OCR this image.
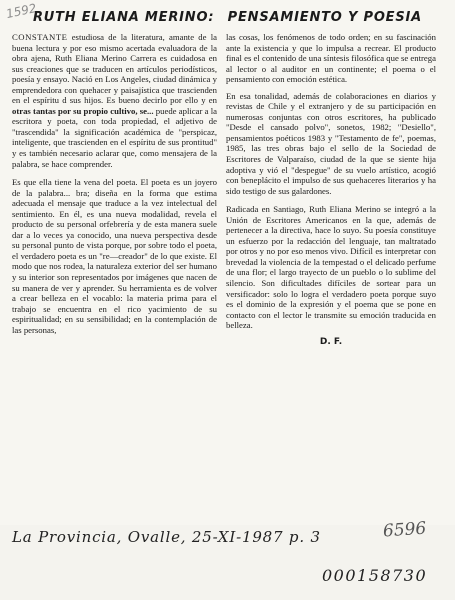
1592
RUTH ELIANA MERINO: PENSAMIENTO Y POESIA

CONSTANTE estudiosa de la literatura, amante de la buena lectura y por eso mismo acertada evaluadora de la obra ajena, Ruth Eliana Merino Carrera es cuidadosa en sus creaciones que se traducen en artículos periodísticos, poesía y ensayo. Nació en Los Angeles, ciudad dinámica y emprendedora con quehacer y paisajística que trascienden en el espíritu d sus hijos. Es bueno decirlo por ello y en otras tantas por su propio cultivo, se... puede aplicar a la escritora y poeta, con toda propiedad, el adjetivo de "trascendida" la significación académica de "perspicaz, inteligente, que trascienden en el espíritu de sus prontitud" y es también necesario aclarar que, como mensajera de la palabra, se hace comprender.

Es que ella tiene la vena del poeta. El poeta es un joyero de la palabra... bra; diseña en la forma que estima adecuada el mensaje que traduce a la vez intelectual del sentimiento. En él, es una nueva modalidad, revela el producto de su personal orfebrería y de esta manera suele dar a lo veces ya conocido, una nueva perspectiva desde su personal punto de vista porque, por sobre todo el poeta, el verdadero poeta es un "re—creador" de lo que existe. El modo que nos rodea, la naturaleza exterior del ser humano y su interior son representados por imágenes que nacen de su manera de ver y aprender. Su herramienta es de volver a crear belleza en el vocablo: la materia prima para el trabajo se encuentra en el rico yacimiento de su espiritualidad; en su sensibilidad; en la contemplación de las personas,

las cosas, los fenómenos de todo orden; en su fascinación ante la existencia y que lo impulsa a recrear. El producto final es el contenido de una síntesis filosófica que se entrega al lector o al auditor en un continente; el poema o el pensamiento con emoción estética.

En esa tonalidad, además de colaboraciones en diarios y revistas de Chile y el extranjero y de su participación en numerosas conjuntas con otros escritores, ha publicado "Desde el cansado polvo", sonetos, 1982; "Desiello", pensamientos poéticos 1983 y "Testamento de fe", poemas, 1985, las tres obras bajo el sello de la Sociedad de Escritores de Valparaíso, ciudad de la que se siente hija adoptiva y vió el "despegue" de su vuelo artístico, acogió con beneplácito el impulso de sus quehaceres literarios y ha sido testigo de sus galardones.

Radicada en Santiago, Ruth Eliana Merino se integró a la Unión de Escritores Americanos en la que, además de pertenecer a la directiva, hace lo suyo. Su poesía constituye un esfuerzo por la redacción del lenguaje, tan maltratado por otros y no por eso menos vivo. Difícil es interpretar con brevedad la violencia de la tempestad o el delicado perfume de una flor; el largo trayecto de un pueblo o lo sublime del silencio. Son dificultades difíciles de sortear para un versificador: solo lo logra el verdadero poeta porque suyo es el dominio de la expresión y el poema que se pone en contacto con el lector le transmite su emoción traducida en belleza.

D. F.
La Provincia, Ovalle, 25-XI-1987 p. 3	6596
000158730
